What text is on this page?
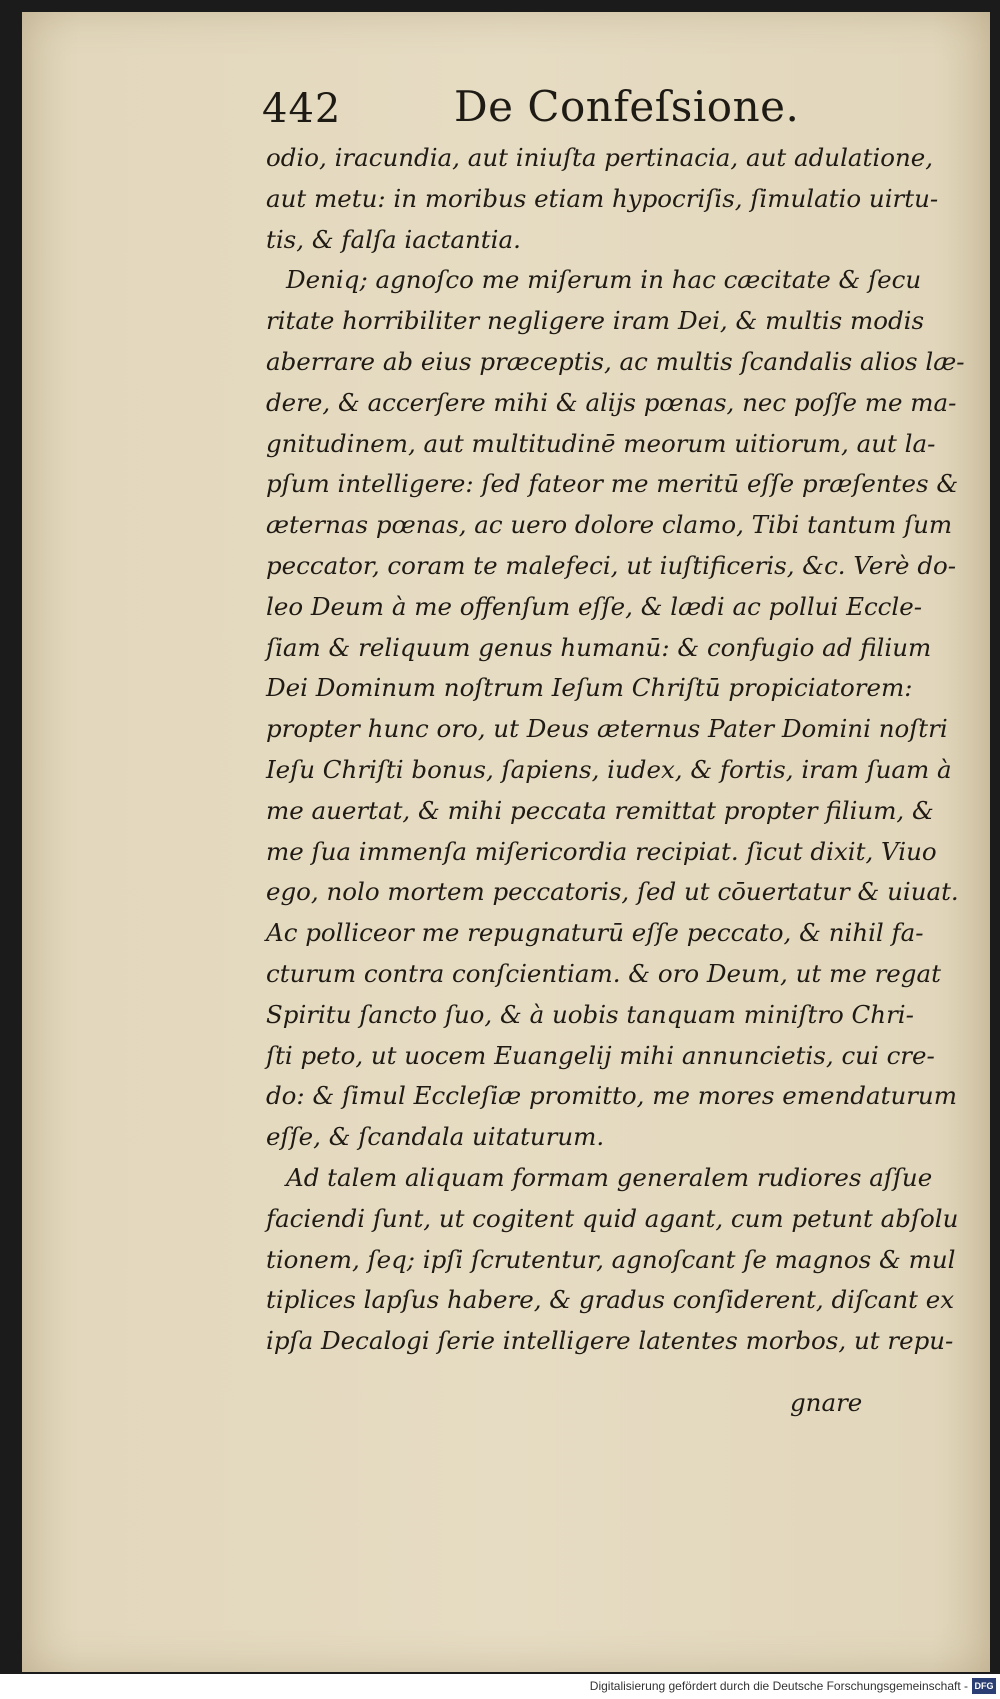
442	De Confeſsione.
odio, iracundia, aut iniuſta pertinacia, aut adulatione,
aut metu: in moribus etiam hypocriſis, ſimulatio uirtu-
tis, & falſa iactantia.
Deniq; agnoſco me miſerum in hac cæcitate & ſecu
ritate horribiliter negligere iram Dei, & multis modis
aberrare ab eius præceptis, ac multis ſcandalis alios læ-
dere, & accerſere mihi & alijs pœnas, nec poſſe me ma-
gnitudinem, aut multitudinē meorum uitiorum, aut la-
pſum intelligere: ſed fateor me meritū eſſe præſentes &
æternas pœnas, ac uero dolore clamo, Tibi tantum ſum
peccator, coram te malefeci, ut iuſtificeris, &c. Verè do-
leo Deum à me offenſum eſſe, & lædi ac pollui Eccle-
ſiam & reliquum genus humanū: & confugio ad filium
Dei Dominum noſtrum Ieſum Chriſtū propiciatorem:
propter hunc oro, ut Deus æternus Pater Domini noſtri
Ieſu Chriſti bonus, ſapiens, iudex, & fortis, iram ſuam à
me auertat, & mihi peccata remittat propter filium, &
me ſua immenſa miſericordia recipiat. ſicut dixit, Viuo
ego, nolo mortem peccatoris, ſed ut cōuertatur & uiuat.
Ac polliceor me repugnaturū eſſe peccato, & nihil fa-
cturum contra conſcientiam. & oro Deum, ut me regat
Spiritu ſancto ſuo, & à uobis tanquam miniſtro Chri-
ſti peto, ut uocem Euangelij mihi annuncietis, cui cre-
do: & ſimul Eccleſiæ promitto, me mores emendaturum
eſſe, & ſcandala uitaturum.
Ad talem aliquam formam generalem rudiores aſſue
faciendi ſunt, ut cogitent quid agant, cum petunt abſolu
tionem, ſeq; ipſi ſcrutentur, agnoſcant ſe magnos & mul
tiplices lapſus habere, & gradus conſiderent, diſcant ex
ipſa Decalogi ſerie intelligere latentes morbos, ut repu-
gnare
Digitalisierung gefördert durch die Deutsche Forschungsgemeinschaft - DFG
